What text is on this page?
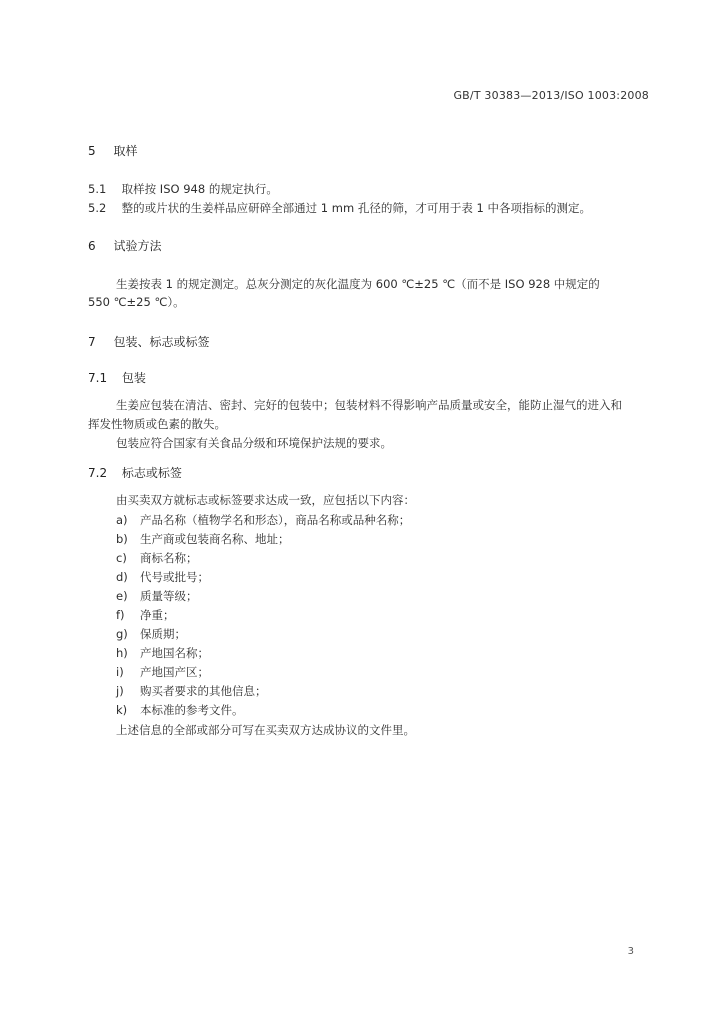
GB/T 30383—2013/ISO 1003:2008
5 取样
5.1 取样按 ISO 948 的规定执行。
5.2 整的或片状的生姜样品应研碎全部通过 1 mm 孔径的筛，才可用于表 1 中各项指标的测定。
6 试验方法
生姜按表 1 的规定测定。总灰分测定的灰化温度为 600 ℃±25 ℃（而不是 ISO 928 中规定的
550 ℃±25 ℃）。
7 包装、标志或标签
7.1 包装
生姜应包装在清洁、密封、完好的包装中；包装材料不得影响产品质量或安全，能防止湿气的进入和
挥发性物质或色素的散失。
包装应符合国家有关食品分级和环境保护法规的要求。
7.2 标志或标签
由买卖双方就标志或标签要求达成一致，应包括以下内容：
a) 产品名称（植物学名和形态），商品名称或品种名称；
b) 生产商或包装商名称、地址；
c) 商标名称；
d) 代号或批号；
e) 质量等级；
f) 净重；
g) 保质期；
h) 产地国名称；
i) 产地国产区；
j) 购买者要求的其他信息；
k) 本标准的参考文件。
上述信息的全部或部分可写在买卖双方达成协议的文件里。
3
